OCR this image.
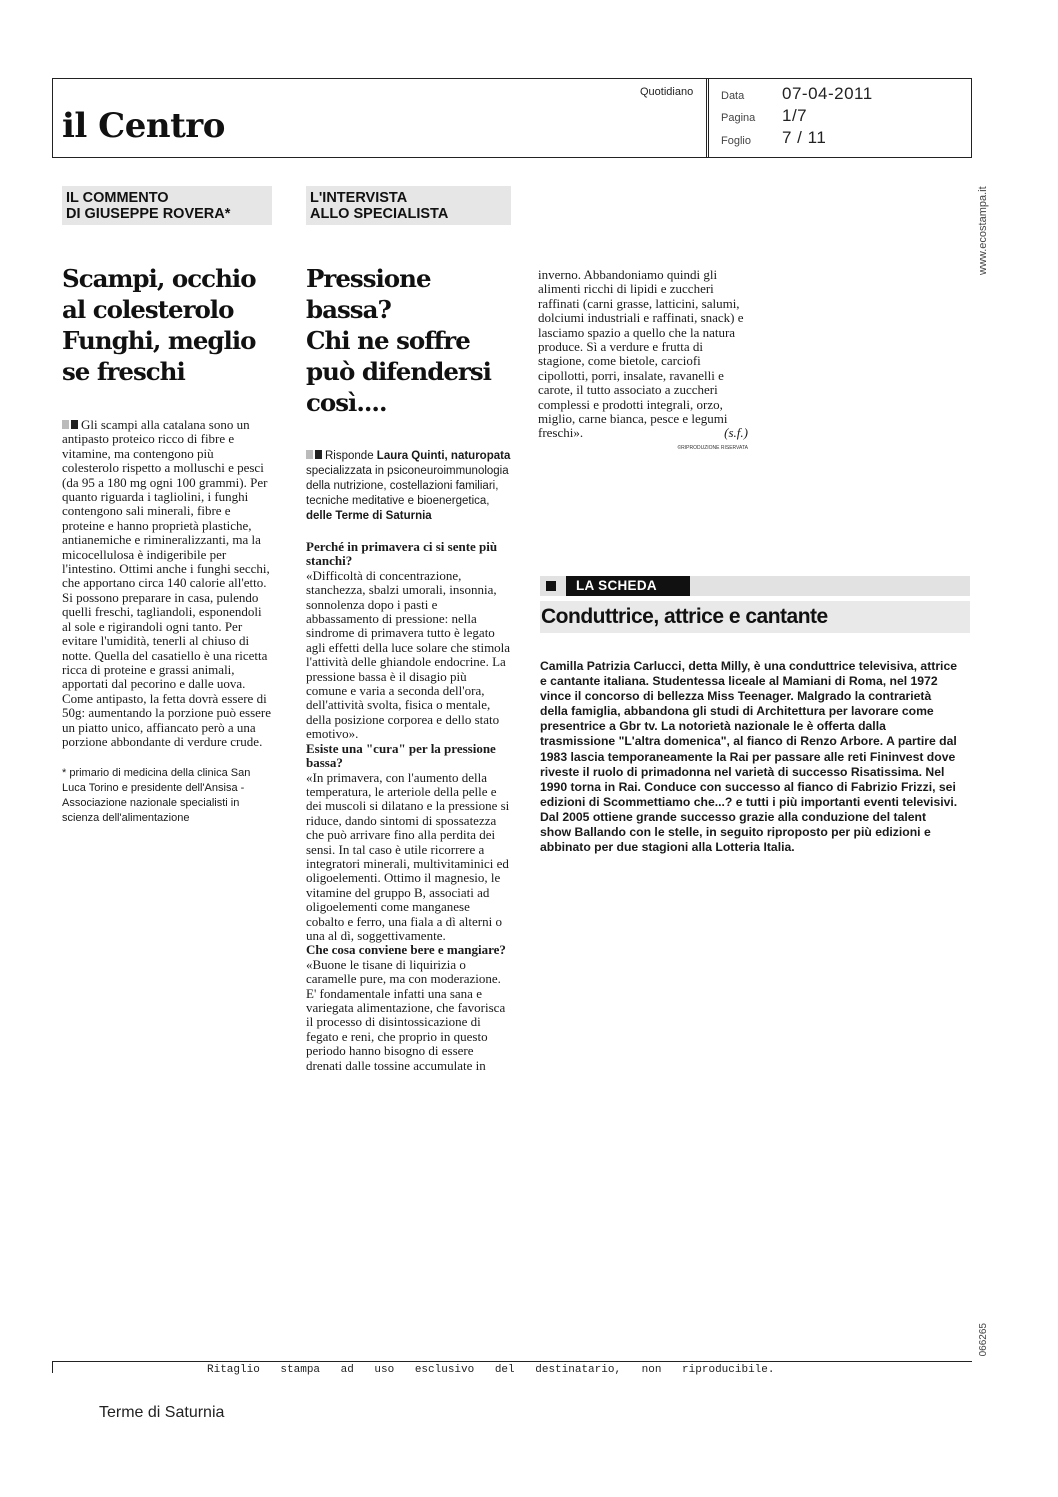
il Centro
Quotidiano	Data 07-04-2011
Pagina 1/7
Foglio 7 / 11
www.ecostampa.it
066265
IL COMMENTO
DI GIUSEPPE ROVERA*
Scampi, occhio
al colesterolo
Funghi, meglio
se freschi
Gli scampi alla catalana sono un antipasto proteico ricco di fibre e vitamine, ma contengono più colesterolo rispetto a molluschi e pesci (da 95 a 180 mg ogni 100 grammi). Per quanto riguarda i tagliolini, i funghi contengono sali minerali, fibre e proteine e hanno proprietà plastiche, antianemiche e rimineralizzanti, ma la micocellulosa è indigeribile per l'intestino. Ottimi anche i funghi secchi, che apportano circa 140 calorie all'etto. Si possono preparare in casa, pulendo quelli freschi, tagliandoli, esponendoli al sole e rigirandoli ogni tanto. Per evitare l'umidità, tenerli al chiuso di notte. Quella del casatiello è una ricetta ricca di proteine e grassi animali, apportati dal pecorino e dalle uova. Come antipasto, la fetta dovrà essere di 50g: aumentando la porzione può essere un piatto unico, affiancato però a una porzione abbondante di verdure crude.
* primario di medicina della clinica San Luca Torino e presidente dell'Ansisa - Associazione nazionale specialisti in scienza dell'alimentazione
L'INTERVISTA
ALLO SPECIALISTA
Pressione bassa?
Chi ne soffre
può difendersi
così....
Risponde Laura Quinti, naturopata specializzata in psiconeuroimmunologia della nutrizione, costellazioni familiari, tecniche meditative e bioenergetica, delle Terme di Saturnia

Perché in primavera ci si sente più stanchi?

«Difficoltà di concentrazione, stanchezza, sbalzi umorali, insonnia, sonnolenza dopo i pasti e abbassamento di pressione: nella sindrome di primavera tutto è legato agli effetti della luce solare che stimola l'attività delle ghiandole endocrine. La pressione bassa è il disagio più comune e varia a seconda dell'ora, dell'attività svolta, fisica o mentale, della posizione corporea e dello stato emotivo».

Esiste una "cura" per la pressione bassa?

«In primavera, con l'aumento della temperatura, le arteriole della pelle e dei muscoli si dilatano e la pressione si riduce, dando sintomi di spossatezza che può arrivare fino alla perdita dei sensi. In tal caso è utile ricorrere a integratori minerali, multivitaminici ed oligoelementi. Ottimo il magnesio, le vitamine del gruppo B, associati ad oligoelementi come manganese cobalto e ferro, una fiala a dì alterni o una al dì, soggettivamente.

Che cosa conviene bere e mangiare?

«Buone le tisane di liquirizia o caramelle pure, ma con moderazione. E' fondamentale infatti una sana e variegata alimentazione, che favorisca il processo di disintossicazione di fegato e reni, che proprio in questo periodo hanno bisogno di essere drenati dalle tossine accumulate in

inverno. Abbandoniamo quindi gli alimenti ricchi di lipidi e zuccheri raffinati (carni grasse, latticini, salumi, dolciumi industriali e raffinati, snack) e lasciamo spazio a quello che la natura produce. Sì a verdure e frutta di stagione, come bietole, carciofi cipollotti, porri, insalate, ravanelli e carote, il tutto associato a zuccheri complessi e prodotti integrali, orzo, miglio, carne bianca, pesce e legumi freschi».	(s.f.)
©RIPRODUZIONE RISERVATA
LA SCHEDA
Conduttrice, attrice e cantante
Camilla Patrizia Carlucci, detta Milly, è una conduttrice televisiva, attrice e cantante italiana. Studentessa liceale al Mamiani di Roma, nel 1972 vince il concorso di bellezza Miss Teenager. Malgrado la contrarietà della famiglia, abbandona gli studi di Architettura per lavorare come presentrice a Gbr tv. La notorietà nazionale le è offerta dalla trasmissione "L'altra domenica", al fianco di Renzo Arbore. A partire dal 1983 lascia temporaneamente la Rai per passare alle reti Fininvest dove riveste il ruolo di primadonna nel varietà di successo Risatissima. Nel 1990 torna in Rai. Conduce con successo al fianco di Fabrizio Frizzi, sei edizioni di Scommettiamo che...? e tutti i più importanti eventi televisivi. Dal 2005 ottiene grande successo grazie alla conduzione del talent show Ballando con le stelle, in seguito riproposto per più edizioni e abbinato per due stagioni alla Lotteria Italia.
Ritaglio stampa ad uso esclusivo del destinatario, non riproducibile.
Terme di Saturnia
